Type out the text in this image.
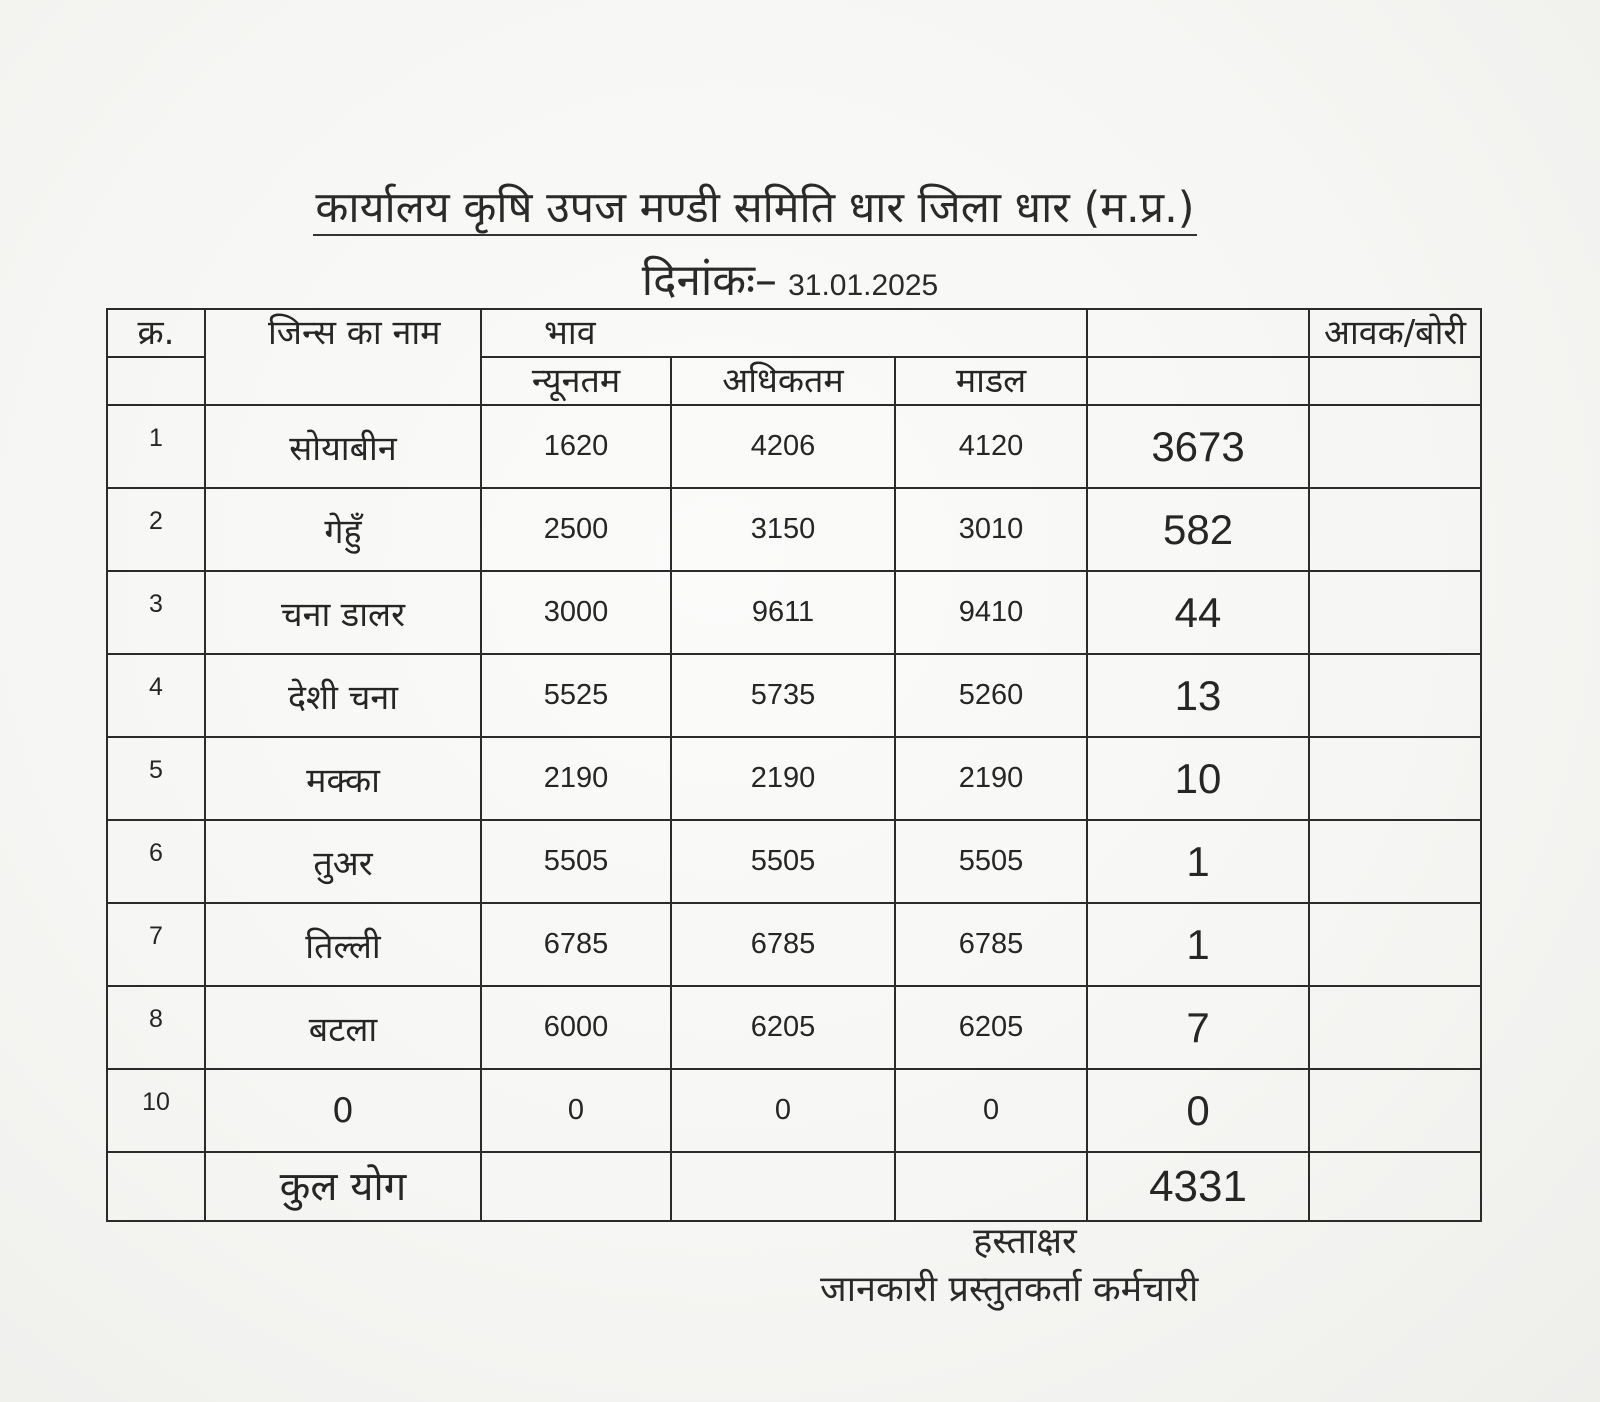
कार्यालय कृषि उपज मण्डी समिति धार जिला धार (म.प्र.)
दिनांकः– 31.01.2025
क्र.	जिन्स का नाम	भाव				आवक/बोरी
		न्यूनतम	अधिकतम	माडल		
1	सोयाबीन	1620	4206	4120	3673	
2	गेहुँ	2500	3150	3010	582	
3	चना डालर	3000	9611	9410	44	
4	देशी चना	5525	5735	5260	13	
5	मक्का	2190	2190	2190	10	
6	तुअर	5505	5505	5505	1	
7	तिल्ली	6785	6785	6785	1	
8	बटला	6000	6205	6205	7	
10	0	0	0	0	0	
	कुल योग				4331	
हस्ताक्षर
जानकारी प्रस्तुतकर्ता कर्मचारी
